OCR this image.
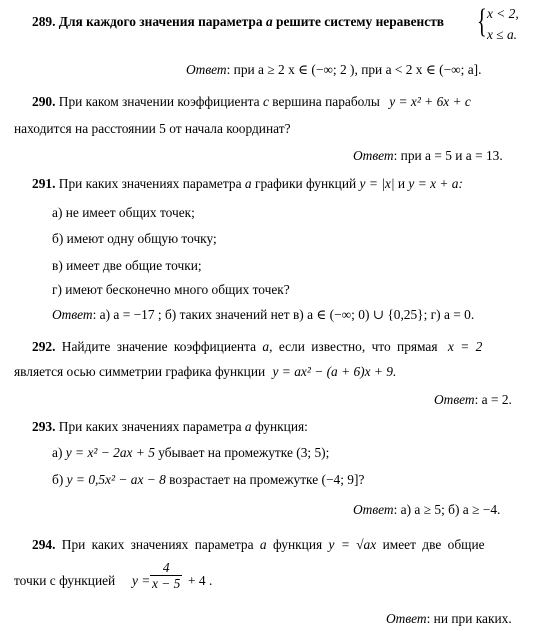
289. Для каждого значения параметра a решите систему неравенств { x < 2,
x ≤ a.
Ответ: при a ≥ 2 x ∈ (−∞; 2 ), при a < 2 x ∈ (−∞; a].
290. При каком значении коэффициента c вершина параболы y = x² + 6x + c
находится на расстоянии 5 от начала координат?
Ответ: при a = 5 и a = 13.
291. При каких значениях параметра a графики функций y = |x| и y = x + a:
а) не имеет общих точек;
б) имеют одну общую точку;
в) имеет две общие точки;
г) имеют бесконечно много общих точек?
Ответ: а) a = −17 ; б) таких значений нет в) a ∈ (−∞; 0) ∪ {0,25}; г) a = 0.
292. Найдите значение коэффициента a, если известно, что прямая x = 2
является осью симметрии графика функции y = ax² − (a + 6)x + 9.
Ответ: a = 2.
293. При каких значениях параметра a функция:
а) y = x² − 2ax + 5 убывает на промежутке (3; 5);
б) y = 0,5x² − ax − 8 возрастает на промежутке (−4; 9]?
Ответ: а) a ≥ 5; б) a ≥ −4.
294. При каких значениях параметра a функция y = √ax имеет две общие
точки с функцией $y = \frac{4}{x - 5} + 4$ .
Ответ: ни при каких.
